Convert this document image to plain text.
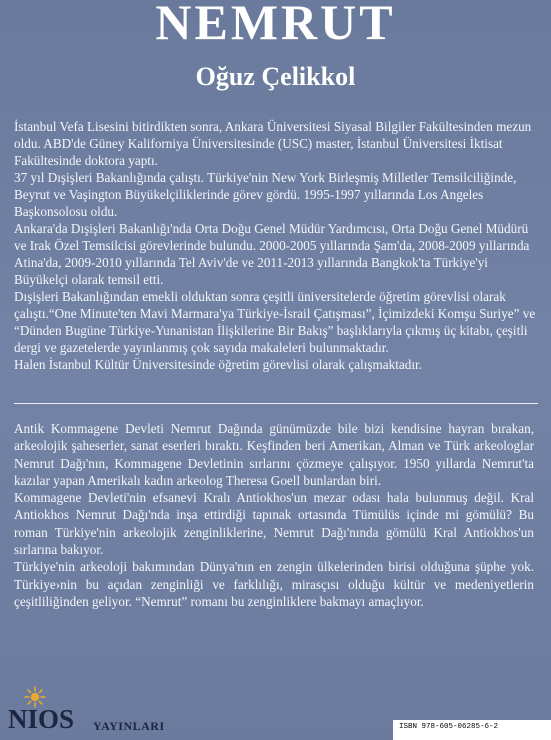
NEMRUT
Oğuz Çelikkol

İstanbul Vefa Lisesini bitirdikten sonra, Ankara Üniversitesi Siyasal Bilgiler Fakültesinden mezun oldu. ABD'de Güney Kaliforniya Üniversitesinde (USC) master, İstanbul Üniversitesi İktisat Fakültesinde doktora yaptı.

37 yıl Dışişleri Bakanlığında çalıştı. Türkiye'nin New York Birleşmiş Milletler Temsilciliğinde, Beyrut ve Vaşington Büyükelçiliklerinde görev gördü. 1995-1997 yıllarında Los Angeles Başkonsolosu oldu.

Ankara'da Dışişleri Bakanlığı'nda Orta Doğu Genel Müdür Yardımcısı, Orta Doğu Genel Müdürü ve Irak Özel Temsilcisi görevlerinde bulundu. 2000-2005 yıllarında Şam'da, 2008-2009 yıllarında Atina'da, 2009-2010 yıllarında Tel Aviv'de ve 2011-2013 yıllarında Bangkok'ta Türkiye'yi Büyükelçi olarak temsil etti.

Dışişleri Bakanlığından emekli olduktan sonra çeşitli üniversitelerde öğretim görevlisi olarak çalıştı.“One Minute'ten Mavi Marmara'ya Türkiye-İsrail Çatışması”, İçimizdeki Komşu Suriye” ve “Dünden Bugüne Türkiye-Yunanistan İlişkilerine Bir Bakış” başlıklarıyla çıkmış üç kitabı, çeşitli dergi ve gazetelerde yayınlanmış çok sayıda makaleleri bulunmaktadır.

Halen İstanbul Kültür Üniversitesinde öğretim görevlisi olarak çalışmaktadır.

Antik Kommagene Devleti Nemrut Dağında günümüzde bile bizi kendisine hayran bırakan, arkeolojik şaheserler, sanat eserleri bıraktı. Keşfinden beri Amerikan, Alman ve Türk arkeologlar Nemrut Dağı'nın, Kommagene Devletinin sırlarını çözmeye çalışıyor. 1950 yıllarda Nemrut'ta kazılar yapan Amerikalı kadın arkeolog Theresa Goell bunlardan biri.

Kommagene Devleti'nin efsanevi Kralı Antiokhos'un mezar odası hala bulunmuş değil. Kral Antiokhos Nemrut Dağı'nda inşa ettirdiği tapınak ortasında Tümülüs içinde mi gömülü? Bu roman Türkiye'nin arkeolojik zenginliklerine, Nemrut Dağı'nında gömülü Kral Antiokhos'un sırlarına bakıyor.

Türkiye'nin arkeoloji bakımından Dünya'nın en zengin ülkelerinden birisi olduğuna şüphe yok. Türkiye›nin bu açıdan zenginliği ve farklılığı, mirasçısı olduğu kültür ve medeniyetlerin çeşitliliğinden geliyor. “Nemrut” romanı bu zenginliklere bakmayı amaçlıyor.

NIOS YAYINLARI	ISBN 978-605-06285-6-2
